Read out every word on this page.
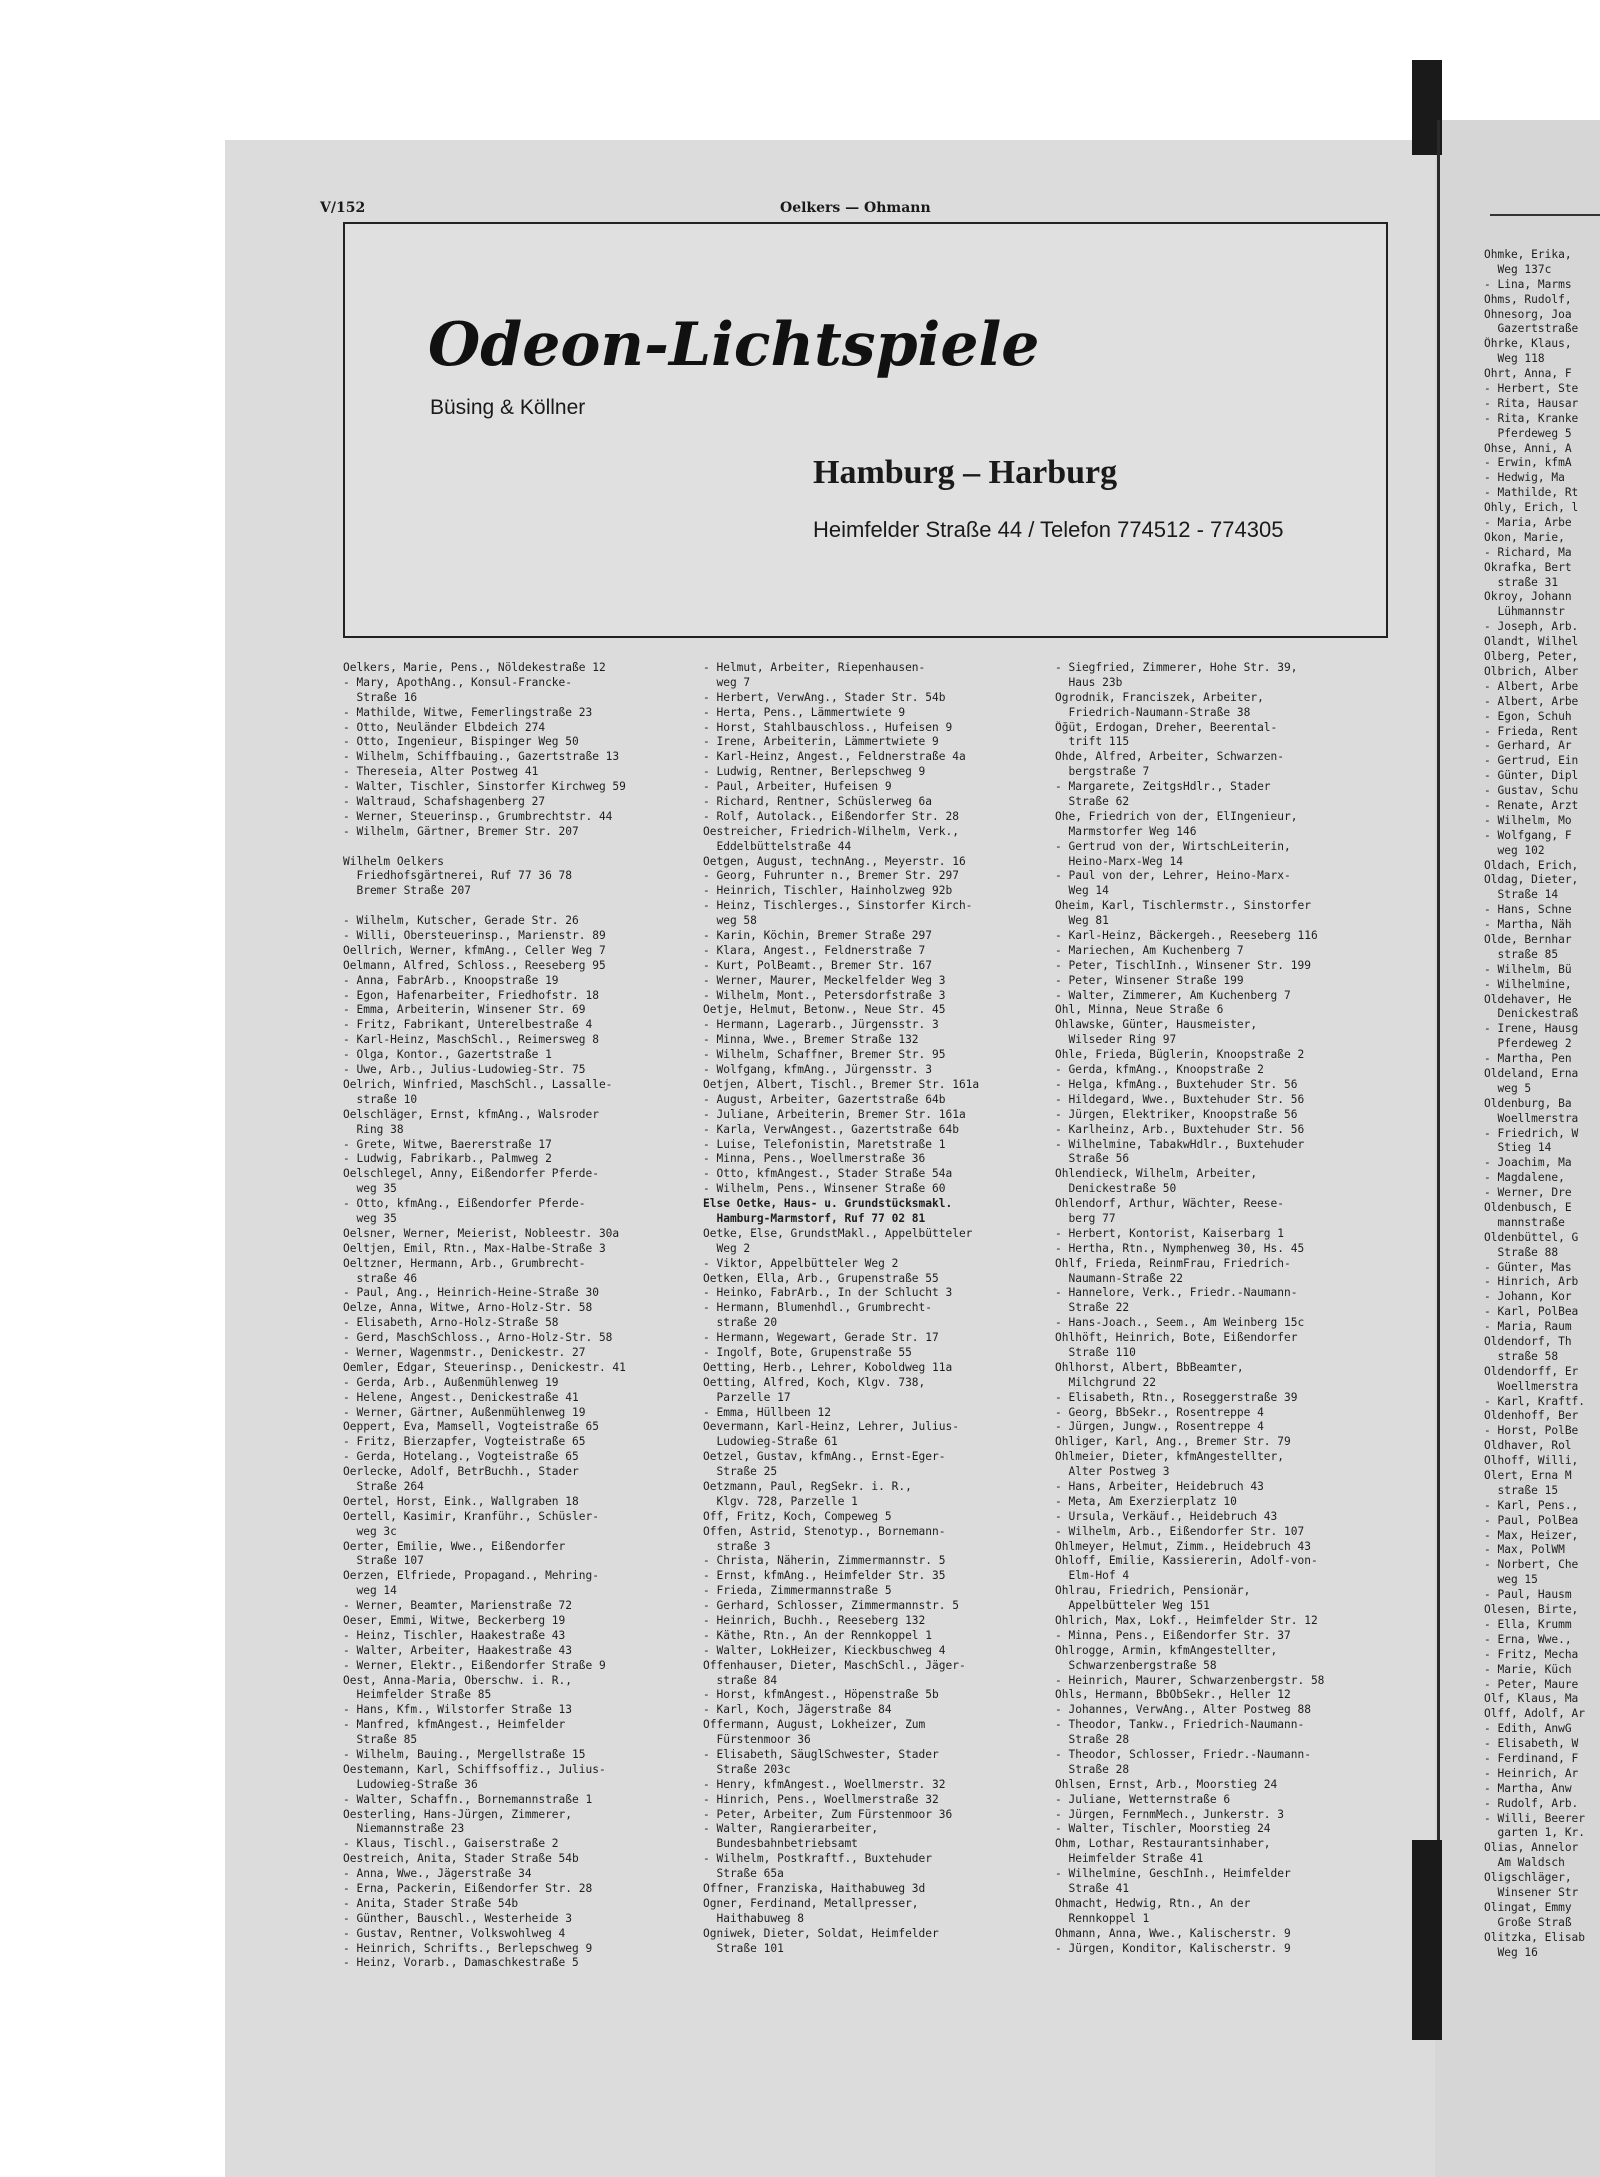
V/152	Oelkers — Ohmann
Odeon-Lichtspiele
Büsing & Köllner
Hamburg – Harburg
Heimfelder Straße 44 / Telefon 774512 - 774305
Oelkers, Marie, Pens., Nöldekestraße 12
- Mary, ApothAng., Konsul-Francke-
Straße 16
- Mathilde, Witwe, Femerlingstraße 23
- Otto, Neuländer Elbdeich 274
- Otto, Ingenieur, Bispinger Weg 50
- Wilhelm, Schiffbauing., Gazertstraße 13
- Thereseia, Alter Postweg 41
- Walter, Tischler, Sinstorfer Kirchweg 59
- Waltraud, Schafshagenberg 27
- Werner, Steuerinsp., Grumbrechtstr. 44
- Wilhelm, Gärtner, Bremer Str. 207
Wilhelm Oelkers
Friedhofsgärtnerei, Ruf 77 36 78
Bremer Straße 207
- Wilhelm, Kutscher, Gerade Str. 26
- Willi, Obersteuerinsp., Marienstr. 89
Oellrich, Werner, kfmAng., Celler Weg 7
Oelmann, Alfred, Schloss., Reeseberg 95
- Anna, FabrArb., Knoopstraße 19
- Egon, Hafenarbeiter, Friedhofstr. 18
- Emma, Arbeiterin, Winsener Str. 69
- Fritz, Fabrikant, Unterelbestraße 4
- Karl-Heinz, MaschSchl., Reimersweg 8
- Olga, Kontor., Gazertstraße 1
- Uwe, Arb., Julius-Ludowieg-Str. 75
Oelrich, Winfried, MaschSchl., Lassalle-
straße 10
Oelschläger, Ernst, kfmAng., Walsroder
Ring 38
- Grete, Witwe, Baererstraße 17
- Ludwig, Fabrikarb., Palmweg 2
Oelschlegel, Anny, Eißendorfer Pferde-
weg 35
- Otto, kfmAng., Eißendorfer Pferde-
weg 35
Oelsner, Werner, Meierist, Nobleestr. 30a
Oeltjen, Emil, Rtn., Max-Halbe-Straße 3
Oeltzner, Hermann, Arb., Grumbrecht-
straße 46
- Paul, Ang., Heinrich-Heine-Straße 30
Oelze, Anna, Witwe, Arno-Holz-Str. 58
- Elisabeth, Arno-Holz-Straße 58
- Gerd, MaschSchloss., Arno-Holz-Str. 58
- Werner, Wagenmstr., Denickestr. 27
Oemler, Edgar, Steuerinsp., Denickestr. 41
- Gerda, Arb., Außenmühlenweg 19
- Helene, Angest., Denickestraße 41
- Werner, Gärtner, Außenmühlenweg 19
Oeppert, Eva, Mamsell, Vogteistraße 65
- Fritz, Bierzapfer, Vogteistraße 65
- Gerda, Hotelang., Vogteistraße 65
Oerlecke, Adolf, BetrBuchh., Stader
Straße 264
Oertel, Horst, Eink., Wallgraben 18
Oertell, Kasimir, Kranführ., Schüsler-
weg 3c
Oerter, Emilie, Wwe., Eißendorfer
Straße 107
Oerzen, Elfriede, Propagand., Mehring-
weg 14
- Werner, Beamter, Marienstraße 72
Oeser, Emmi, Witwe, Beckerberg 19
- Heinz, Tischler, Haakestraße 43
- Walter, Arbeiter, Haakestraße 43
- Werner, Elektr., Eißendorfer Straße 9
Oest, Anna-Maria, Oberschw. i. R.,
Heimfelder Straße 85
- Hans, Kfm., Wilstorfer Straße 13
- Manfred, kfmAngest., Heimfelder
Straße 85
- Wilhelm, Bauing., Mergellstraße 15
Oestemann, Karl, Schiffsoffiz., Julius-
Ludowieg-Straße 36
- Walter, Schaffn., Bornemannstraße 1
Oesterling, Hans-Jürgen, Zimmerer,
Niemannstraße 23
- Klaus, Tischl., Gaiserstraße 2
Oestreich, Anita, Stader Straße 54b
- Anna, Wwe., Jägerstraße 34
- Erna, Packerin, Eißendorfer Str. 28
- Anita, Stader Straße 54b
- Günther, Bauschl., Westerheide 3
- Gustav, Rentner, Volkswohlweg 4
- Heinrich, Schrifts., Berlepschweg 9
- Heinz, Vorarb., Damaschkestraße 5
- Helmut, Arbeiter, Riepenhausen-
weg 7
- Herbert, VerwAng., Stader Str. 54b
- Herta, Pens., Lämmertwiete 9
- Horst, Stahlbauschloss., Hufeisen 9
- Irene, Arbeiterin, Lämmertwiete 9
- Karl-Heinz, Angest., Feldnerstraße 4a
- Ludwig, Rentner, Berlepschweg 9
- Paul, Arbeiter, Hufeisen 9
- Richard, Rentner, Schüslerweg 6a
- Rolf, Autolack., Eißendorfer Str. 28
Oestreicher, Friedrich-Wilhelm, Verk.,
Eddelbüttelstraße 44
Oetgen, August, technAng., Meyerstr. 16
- Georg, Fuhrunter n., Bremer Str. 297
- Heinrich, Tischler, Hainholzweg 92b
- Heinz, Tischlerges., Sinstorfer Kirch-
weg 58
- Karin, Köchin, Bremer Straße 297
- Klara, Angest., Feldnerstraße 7
- Kurt, PolBeamt., Bremer Str. 167
- Werner, Maurer, Meckelfelder Weg 3
- Wilhelm, Mont., Petersdorfstraße 3
Oetje, Helmut, Betonw., Neue Str. 45
- Hermann, Lagerarb., Jürgensstr. 3
- Minna, Wwe., Bremer Straße 132
- Wilhelm, Schaffner, Bremer Str. 95
- Wolfgang, kfmAng., Jürgensstr. 3
Oetjen, Albert, Tischl., Bremer Str. 161a
- August, Arbeiter, Gazertstraße 64b
- Juliane, Arbeiterin, Bremer Str. 161a
- Karla, VerwAngest., Gazertstraße 64b
- Luise, Telefonistin, Maretstraße 1
- Minna, Pens., Woellmerstraße 36
- Otto, kfmAngest., Stader Straße 54a
- Wilhelm, Pens., Winsener Straße 60
Else Oetke, Haus- u. Grundstücksmakl.
Hamburg-Marmstorf, Ruf 77 02 81
Oetke, Else, GrundstMakl., Appelbütteler
Weg 2
- Viktor, Appelbütteler Weg 2
Oetken, Ella, Arb., Grupenstraße 55
- Heinko, FabrArb., In der Schlucht 3
- Hermann, Blumenhdl., Grumbrecht-
straße 20
- Hermann, Wegewart, Gerade Str. 17
- Ingolf, Bote, Grupenstraße 55
Oetting, Herb., Lehrer, Koboldweg 11a
Oetting, Alfred, Koch, Klgv. 738,
Parzelle 17
- Emma, Hüllbeen 12
Oevermann, Karl-Heinz, Lehrer, Julius-
Ludowieg-Straße 61
Oetzel, Gustav, kfmAng., Ernst-Eger-
Straße 25
Oetzmann, Paul, RegSekr. i. R.,
Klgv. 728, Parzelle 1
Off, Fritz, Koch, Compeweg 5
Offen, Astrid, Stenotyp., Bornemann-
straße 3
- Christa, Näherin, Zimmermannstr. 5
- Ernst, kfmAng., Heimfelder Str. 35
- Frieda, Zimmermannstraße 5
- Gerhard, Schlosser, Zimmermannstr. 5
- Heinrich, Buchh., Reeseberg 132
- Käthe, Rtn., An der Rennkoppel 1
- Walter, LokHeizer, Kieckbuschweg 4
Offenhauser, Dieter, MaschSchl., Jäger-
straße 84
- Horst, kfmAngest., Höpenstraße 5b
- Karl, Koch, Jägerstraße 84
Offermann, August, Lokheizer, Zum
Fürstenmoor 36
- Elisabeth, SäuglSchwester, Stader
Straße 203c
- Henry, kfmAngest., Woellmerstr. 32
- Hinrich, Pens., Woellmerstraße 32
- Peter, Arbeiter, Zum Fürstenmoor 36
- Walter, Rangierarbeiter,
Bundesbahnbetriebsamt
- Wilhelm, Postkraftf., Buxtehuder
Straße 65a
Offner, Franziska, Haithabuweg 3d
Ogner, Ferdinand, Metallpresser,
Haithabuweg 8
Ogniwek, Dieter, Soldat, Heimfelder
Straße 101
- Siegfried, Zimmerer, Hohe Str. 39,
Haus 23b
Ogrodnik, Franciszek, Arbeiter,
Friedrich-Naumann-Straße 38
Öğüt, Erdogan, Dreher, Beerental-
trift 115
Ohde, Alfred, Arbeiter, Schwarzen-
bergstraße 7
- Margarete, ZeitgsHdlr., Stader
Straße 62
Ohe, Friedrich von der, ElIngenieur,
Marmstorfer Weg 146
- Gertrud von der, WirtschLeiterin,
Heino-Marx-Weg 14
- Paul von der, Lehrer, Heino-Marx-
Weg 14
Oheim, Karl, Tischlermstr., Sinstorfer
Weg 81
- Karl-Heinz, Bäckergeh., Reeseberg 116
- Mariechen, Am Kuchenberg 7
- Peter, TischlInh., Winsener Str. 199
- Peter, Winsener Straße 199
- Walter, Zimmerer, Am Kuchenberg 7
Ohl, Minna, Neue Straße 6
Ohlawske, Günter, Hausmeister,
Wilseder Ring 97
Ohle, Frieda, Büglerin, Knoopstraße 2
- Gerda, kfmAng., Knoopstraße 2
- Helga, kfmAng., Buxtehuder Str. 56
- Hildegard, Wwe., Buxtehuder Str. 56
- Jürgen, Elektriker, Knoopstraße 56
- Karlheinz, Arb., Buxtehuder Str. 56
- Wilhelmine, TabakwHdlr., Buxtehuder
Straße 56
Ohlendieck, Wilhelm, Arbeiter,
Denickestraße 50
Ohlendorf, Arthur, Wächter, Reese-
berg 77
- Herbert, Kontorist, Kaiserbarg 1
- Hertha, Rtn., Nymphenweg 30, Hs. 45
Ohlf, Frieda, ReinmFrau, Friedrich-
Naumann-Straße 22
- Hannelore, Verk., Friedr.-Naumann-
Straße 22
- Hans-Joach., Seem., Am Weinberg 15c
Ohlhöft, Heinrich, Bote, Eißendorfer
Straße 110
Ohlhorst, Albert, BbBeamter,
Milchgrund 22
- Elisabeth, Rtn., Roseggerstraße 39
- Georg, BbSekr., Rosentreppe 4
- Jürgen, Jungw., Rosentreppe 4
Ohliger, Karl, Ang., Bremer Str. 79
Ohlmeier, Dieter, kfmAngestellter,
Alter Postweg 3
- Hans, Arbeiter, Heidebruch 43
- Meta, Am Exerzierplatz 10
- Ursula, Verkäuf., Heidebruch 43
- Wilhelm, Arb., Eißendorfer Str. 107
Ohlmeyer, Helmut, Zimm., Heidebruch 43
Ohloff, Emilie, Kassiererin, Adolf-von-
Elm-Hof 4
Ohlrau, Friedrich, Pensionär,
Appelbütteler Weg 151
Ohlrich, Max, Lokf., Heimfelder Str. 12
- Minna, Pens., Eißendorfer Str. 37
Ohlrogge, Armin, kfmAngestellter,
Schwarzenbergstraße 58
- Heinrich, Maurer, Schwarzenbergstr. 58
Ohls, Hermann, BbObSekr., Heller 12
- Johannes, VerwAng., Alter Postweg 88
- Theodor, Tankw., Friedrich-Naumann-
Straße 28
- Theodor, Schlosser, Friedr.-Naumann-
Straße 28
Ohlsen, Ernst, Arb., Moorstieg 24
- Juliane, Wetternstraße 6
- Jürgen, FernmMech., Junkerstr. 3
- Walter, Tischler, Moorstieg 24
Ohm, Lothar, Restaurantsinhaber,
Heimfelder Straße 41
- Wilhelmine, GeschInh., Heimfelder
Straße 41
Ohmacht, Hedwig, Rtn., An der
Rennkoppel 1
Ohmann, Anna, Wwe., Kalischerstr. 9
- Jürgen, Konditor, Kalischerstr. 9
Ohmke, Erika,
Weg 137c
- Lina, Marms
Ohms, Rudolf,
Ohnesorg, Joa
Gazertstraße
Öhrke, Klaus,
Weg 118
Ohrt, Anna, F
- Herbert, Ste
- Rita, Hausar
- Rita, Kranke
Pferdeweg 5
Ohse, Anni, A
- Erwin, kfmA
- Hedwig, Ma
- Mathilde, Rt
Ohly, Erich, l
- Maria, Arbe
Okon, Marie,
- Richard, Ma
Okrafka, Bert
straße 31
Okroy, Johann
Lühmannstr
- Joseph, Arb.
Olandt, Wilhel
Olberg, Peter,
Olbrich, Alber
- Albert, Arbe
- Albert, Arbe
- Egon, Schuh
- Frieda, Rent
- Gerhard, Ar
- Gertrud, Ein
- Günter, Dipl
- Gustav, Schu
- Renate, Arzt
- Wilhelm, Mo
- Wolfgang, F
weg 102
Oldach, Erich,
Oldag, Dieter,
Straße 14
- Hans, Schne
- Martha, Näh
Olde, Bernhar
straße 85
- Wilhelm, Bü
- Wilhelmine,
Oldehaver, He
Denickestraß
- Irene, Hausg
Pferdeweg 2
- Martha, Pen
Oldeland, Erna
weg 5
Oldenburg, Ba
Woellmerstra
- Friedrich, W
Stieg 14
- Joachim, Ma
- Magdalene,
- Werner, Dre
Oldenbusch, E
mannstraße
Oldenbüttel, G
Straße 88
- Günter, Mas
- Hinrich, Arb
- Johann, Kor
- Karl, PolBea
- Maria, Raum
Oldendorf, Th
straße 58
Oldendorff, Er
Woellmerstra
- Karl, Kraftf.
Oldenhoff, Ber
- Horst, PolBe
Oldhaver, Rol
Olhoff, Willi,
Olert, Erna M
straße 15
- Karl, Pens.,
- Paul, PolBea
- Max, Heizer,
- Max, PolWM
- Norbert, Che
weg 15
- Paul, Hausm
Olesen, Birte,
- Ella, Krumm
- Erna, Wwe.,
- Fritz, Mecha
- Marie, Küch
- Peter, Maure
Olf, Klaus, Ma
Olff, Adolf, Ar
- Edith, AnwG
- Elisabeth, W
- Ferdinand, F
- Heinrich, Ar
- Martha, Anw
- Rudolf, Arb.
- Willi, Beerer
garten 1, Kr.
Olias, Annelor
Am Waldsch
Oligschläger,
Winsener Str
Olingat, Emmy
Große Straß
Olitzka, Elisab
Weg 16
